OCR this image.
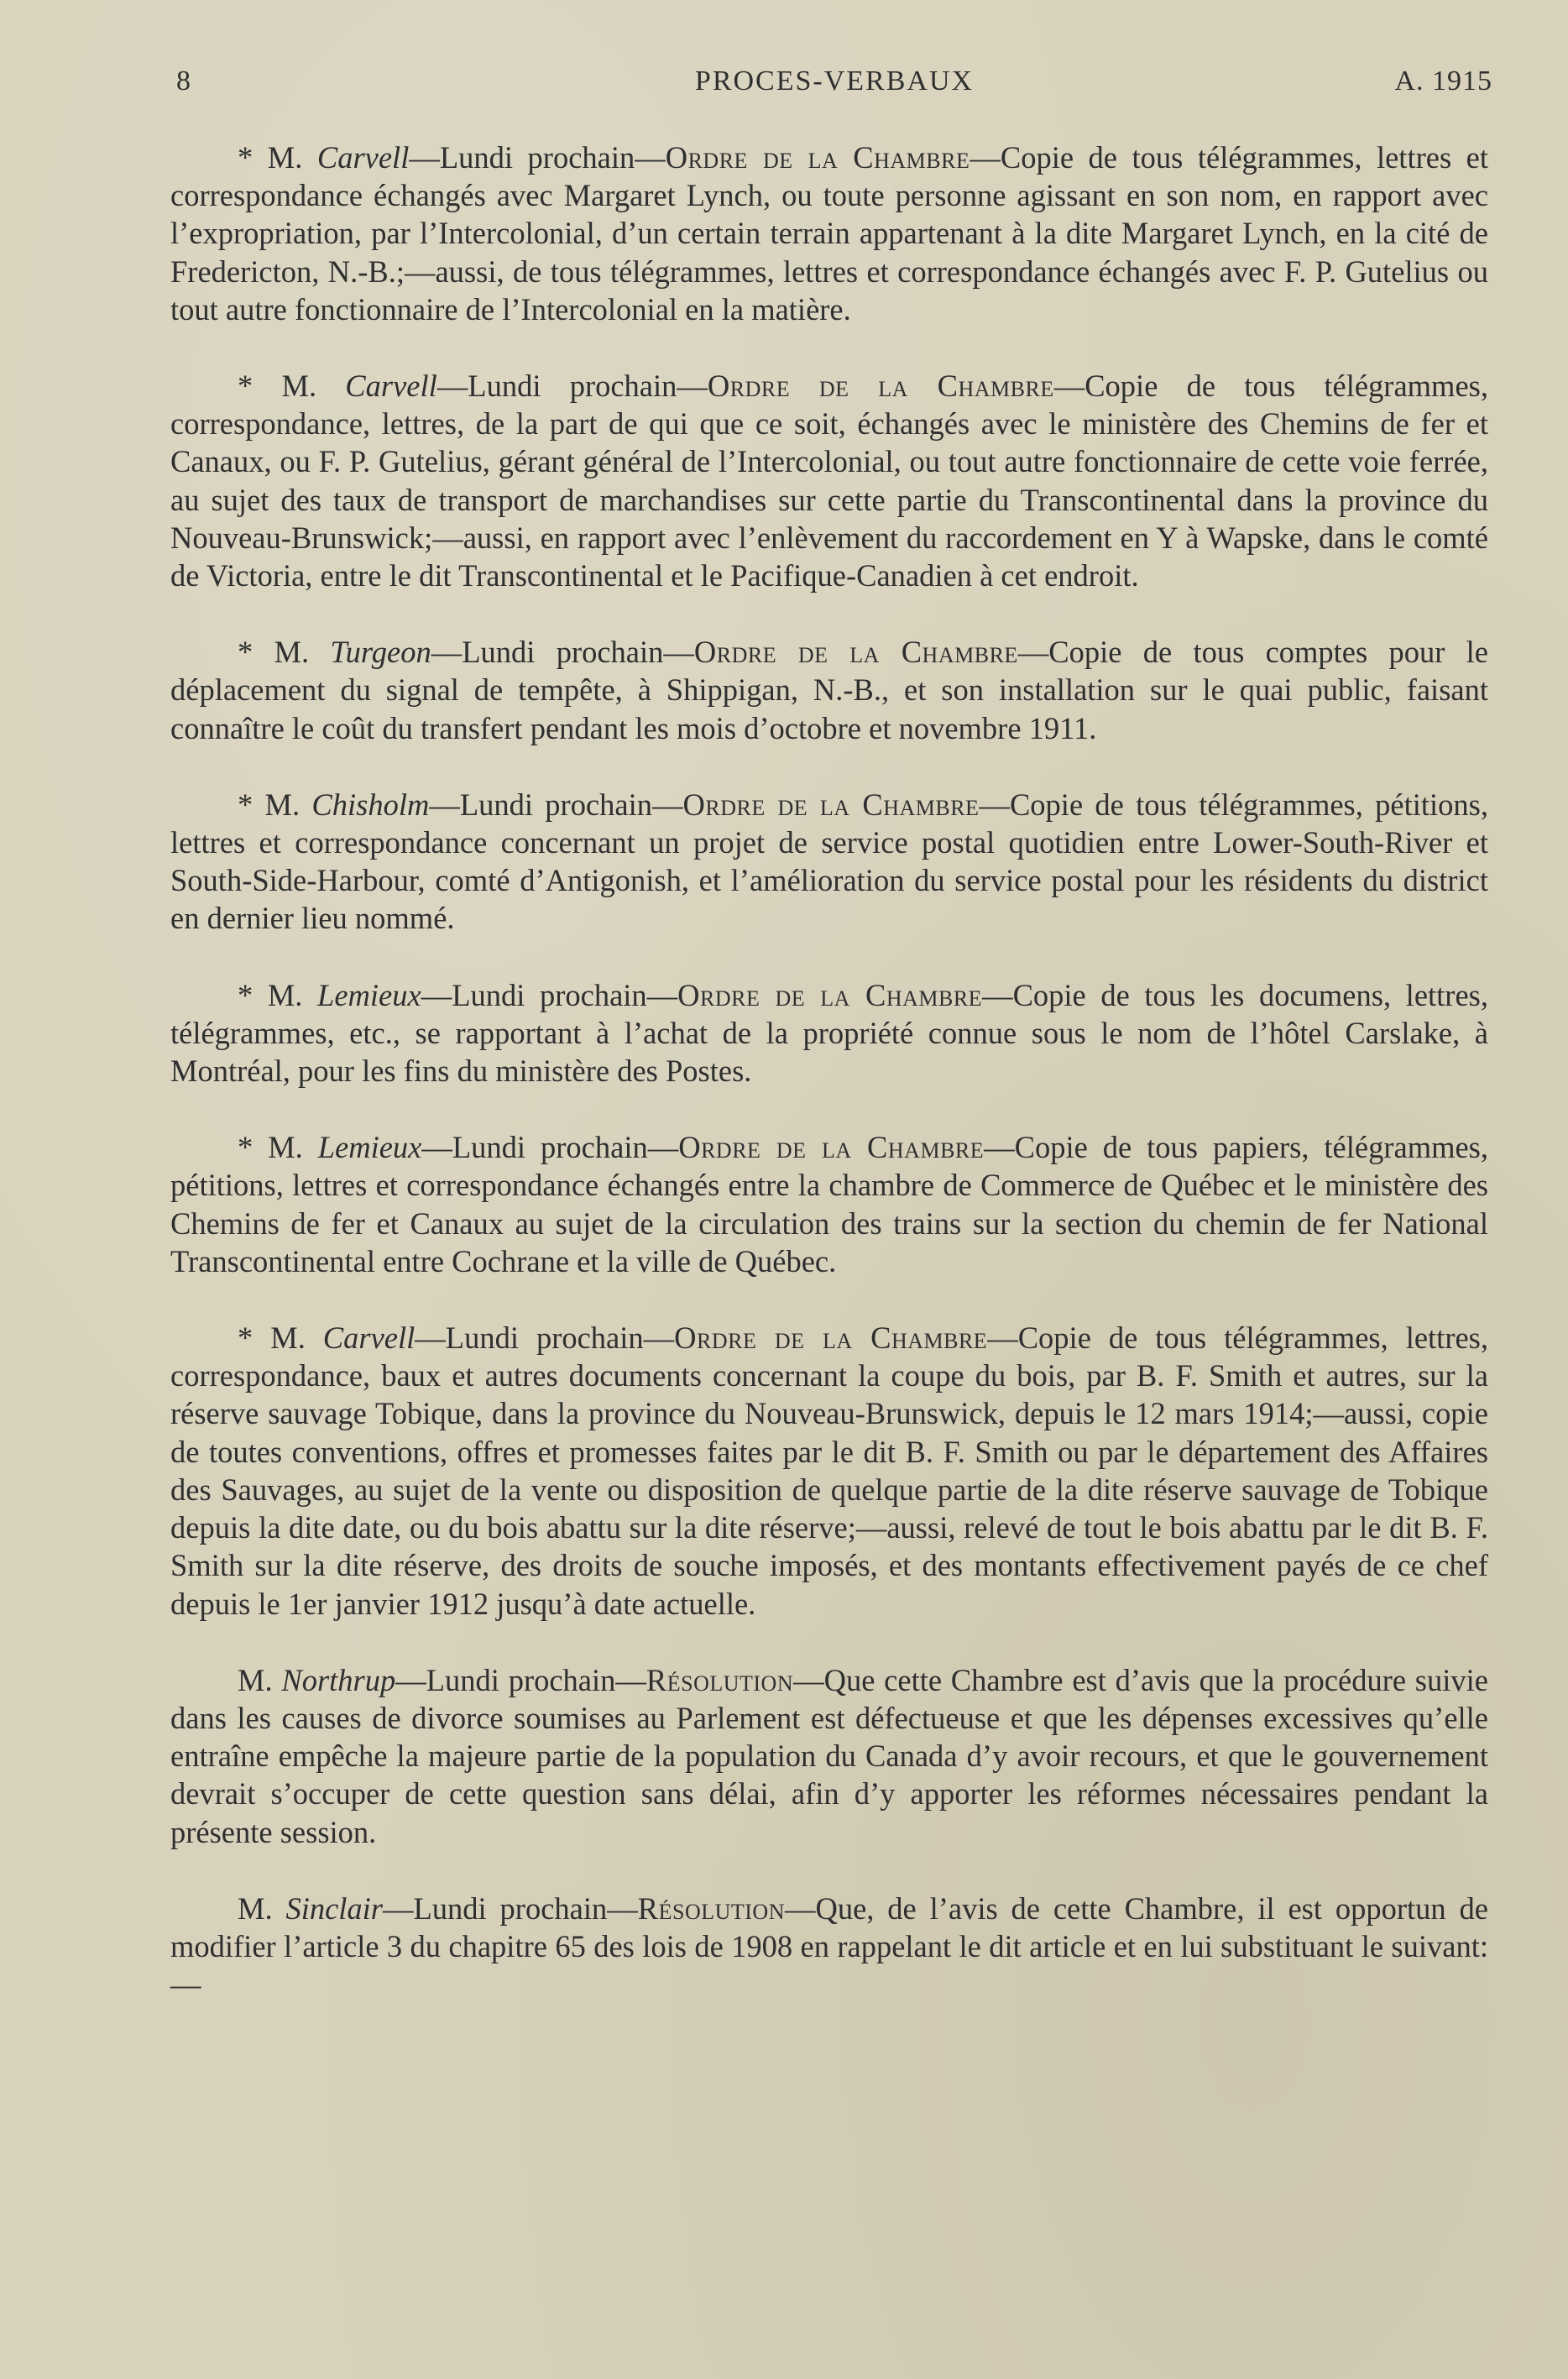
8	PROCES-VERBAUX	A. 1915

* M. Carvell—Lundi prochain—Ordre de la Chambre—Copie de tous télégrammes, lettres et correspondance échangés avec Margaret Lynch, ou toute personne agissant en son nom, en rapport avec l’expropriation, par l’Intercolonial, d’un certain terrain appartenant à la dite Margaret Lynch, en la cité de Fredericton, N.-B.;—aussi, de tous télégrammes, lettres et correspondance échangés avec F. P. Gutelius ou tout autre fonctionnaire de l’Intercolonial en la matière.

* M. Carvell—Lundi prochain—Ordre de la Chambre—Copie de tous télégrammes, correspondance, lettres, de la part de qui que ce soit, échangés avec le ministère des Chemins de fer et Canaux, ou F. P. Gutelius, gérant général de l’Intercolonial, ou tout autre fonctionnaire de cette voie ferrée, au sujet des taux de transport de marchandises sur cette partie du Transcontinental dans la province du Nouveau-Brunswick;—aussi, en rapport avec l’enlèvement du raccordement en Y à Wapske, dans le comté de Victoria, entre le dit Transcontinental et le Pacifique-Canadien à cet endroit.

* M. Turgeon—Lundi prochain—Ordre de la Chambre—Copie de tous comptes pour le déplacement du signal de tempête, à Shippigan, N.-B., et son installation sur le quai public, faisant connaître le coût du transfert pendant les mois d’octobre et novembre 1911.

* M. Chisholm—Lundi prochain—Ordre de la Chambre—Copie de tous télégrammes, pétitions, lettres et correspondance concernant un projet de service postal quotidien entre Lower-South-River et South-Side-Harbour, comté d’Antigonish, et l’amélioration du service postal pour les résidents du district en dernier lieu nommé.

* M. Lemieux—Lundi prochain—Ordre de la Chambre—Copie de tous les documens, lettres, télégrammes, etc., se rapportant à l’achat de la propriété connue sous le nom de l’hôtel Carslake, à Montréal, pour les fins du ministère des Postes.

* M. Lemieux—Lundi prochain—Ordre de la Chambre—Copie de tous papiers, télégrammes, pétitions, lettres et correspondance échangés entre la chambre de Commerce de Québec et le ministère des Chemins de fer et Canaux au sujet de la circulation des trains sur la section du chemin de fer National Transcontinental entre Cochrane et la ville de Québec.

* M. Carvell—Lundi prochain—Ordre de la Chambre—Copie de tous télégrammes, lettres, correspondance, baux et autres documents concernant la coupe du bois, par B. F. Smith et autres, sur la réserve sauvage Tobique, dans la province du Nouveau-Brunswick, depuis le 12 mars 1914;—aussi, copie de toutes conventions, offres et promesses faites par le dit B. F. Smith ou par le département des Affaires des Sauvages, au sujet de la vente ou disposition de quelque partie de la dite réserve sauvage de Tobique depuis la dite date, ou du bois abattu sur la dite réserve;—aussi, relevé de tout le bois abattu par le dit B. F. Smith sur la dite réserve, des droits de souche imposés, et des montants effectivement payés de ce chef depuis le 1er janvier 1912 jusqu’à date actuelle.

M. Northrup—Lundi prochain—Résolution—Que cette Chambre est d’avis que la procédure suivie dans les causes de divorce soumises au Parlement est défectueuse et que les dépenses excessives qu’elle entraîne empêche la majeure partie de la population du Canada d’y avoir recours, et que le gouvernement devrait s’occuper de cette question sans délai, afin d’y apporter les réformes nécessaires pendant la présente session.

M. Sinclair—Lundi prochain—Résolution—Que, de l’avis de cette Chambre, il est opportun de modifier l’article 3 du chapitre 65 des lois de 1908 en rappelant le dit article et en lui substituant le suivant:—
